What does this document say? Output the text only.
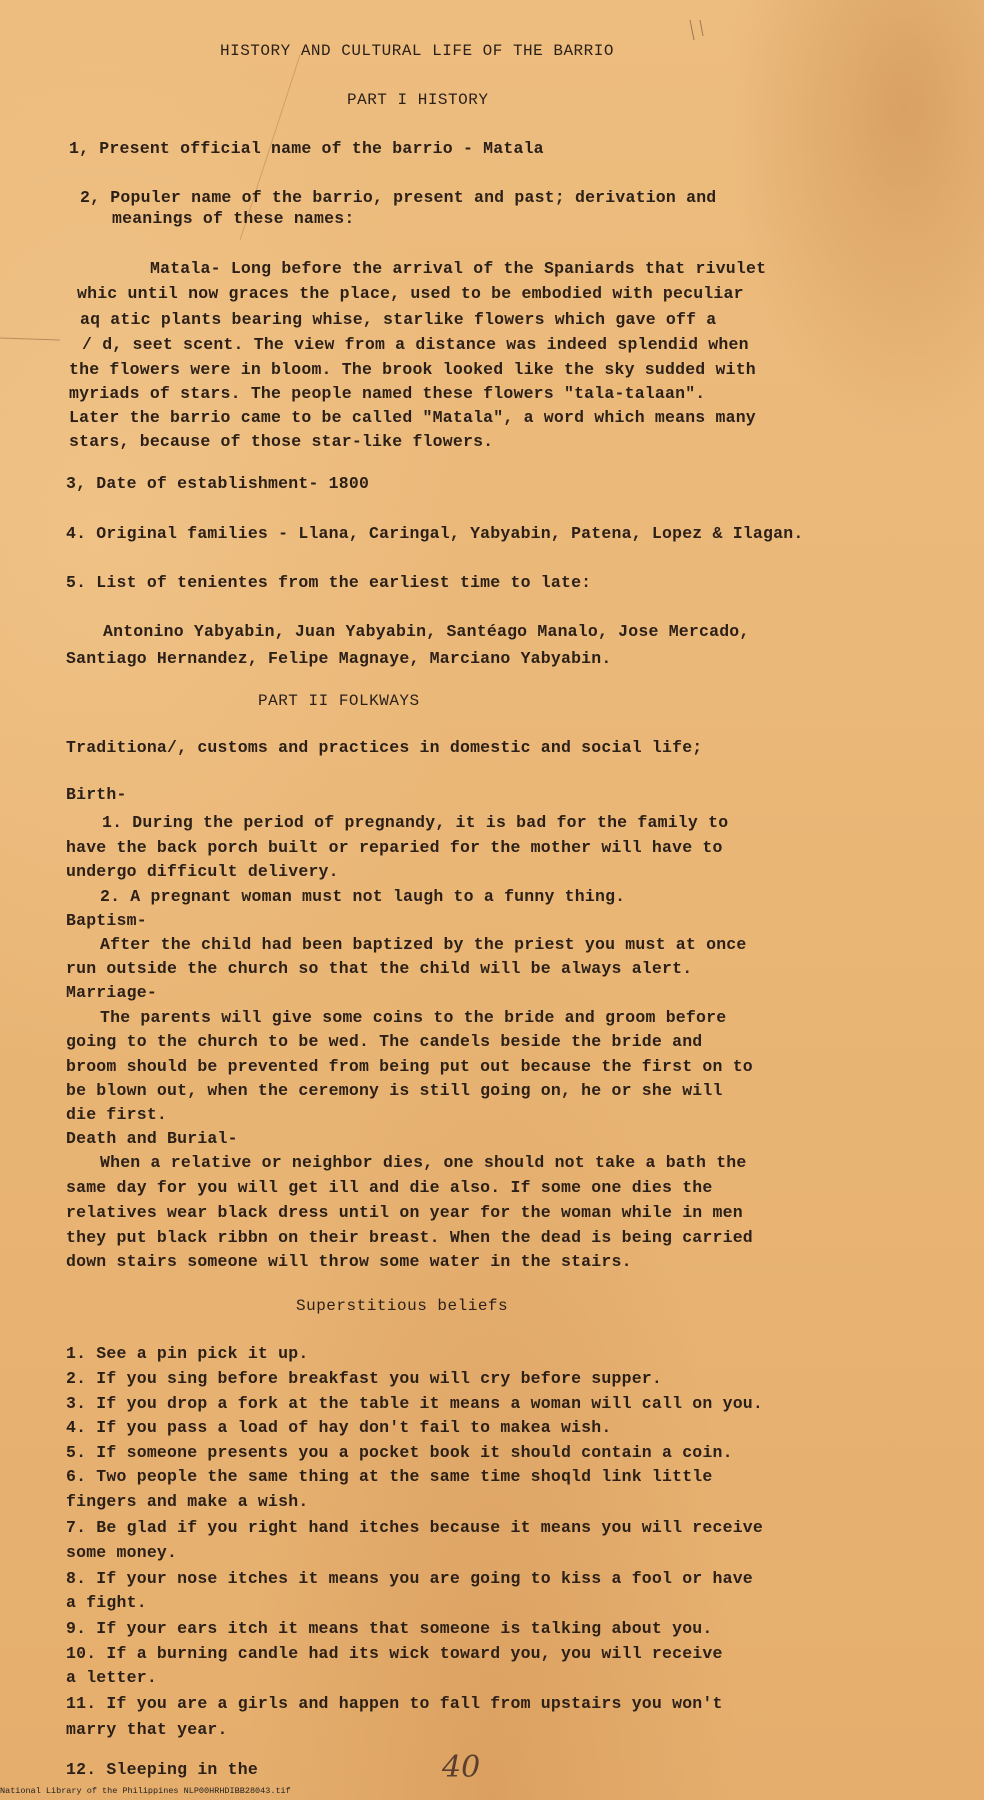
HISTORY AND CULTURAL LIFE OF THE BARRIO

PART I HISTORY

1, Present official name of the barrio - Matala

2, Populer name of the barrio, present and past; derivation and

meanings of these names:

Matala- Long before the arrival of the Spaniards that rivulet

whic until now graces the place, used to be embodied with peculiar

aq atic plants bearing whise, starlike flowers which gave off a

/ d, seet scent. The view from a distance was indeed splendid when

the flowers were in bloom. The brook looked like the sky sudded with

myriads of stars. The people named these flowers "tala-talaan".

Later the barrio came to be called "Matala", a word which means many

stars, because of those star-like flowers.

3, Date of establishment- 1800

4. Original families - Llana, Caringal, Yabyabin, Patena, Lopez & Ilagan.

5. List of tenientes from the earliest time to late:

Antonino Yabyabin, Juan Yabyabin, Santéago Manalo, Jose Mercado,

Santiago Hernandez, Felipe Magnaye, Marciano Yabyabin.

PART II FOLKWAYS

Traditiona/, customs and practices in domestic and social life;

Birth-

1. During the period of pregnandy, it is bad for the family to

have the back porch built or reparied for the mother will have to

undergo difficult delivery.

2. A pregnant woman must not laugh to a funny thing.

Baptism-

After the child had been baptized by the priest you must at once

run outside the church so that the child will be always alert.

Marriage-

The parents will give some coins to the bride and groom before

going to the church to be wed. The candels beside the bride and

broom should be prevented from being put out because the first on to

be blown out, when the ceremony is still going on, he or she will

die first.

Death and Burial-

When a relative or neighbor dies, one should not take a bath the

same day for you will get ill and die also. If some one dies the

relatives wear black dress until on year for the woman while in men

they put black ribbn on their breast. When the dead is being carried

down stairs someone will throw some water in the stairs.

Superstitious beliefs

1. See a pin pick it up.

2. If you sing before breakfast you will cry before supper.

3. If you drop a fork at the table it means a woman will call on you.

4. If you pass a load of hay don't fail to makea wish.

5. If someone presents you a pocket book it should contain a coin.

6. Two people the same thing at the same time shoqld link little

fingers and make a wish.

7. Be glad if you right hand itches because it means you will receive

some money.

8. If your nose itches it means you are going to kiss a fool or have

a fight.

9. If your ears itch it means that someone is talking about you.

10. If a burning candle had its wick toward you, you will receive

a letter.

11. If you are a girls and happen to fall from upstairs you won't

marry that year.

12. Sleeping in the	40
National Library of the Philippines NLP00HRHDIBB28043.tif
